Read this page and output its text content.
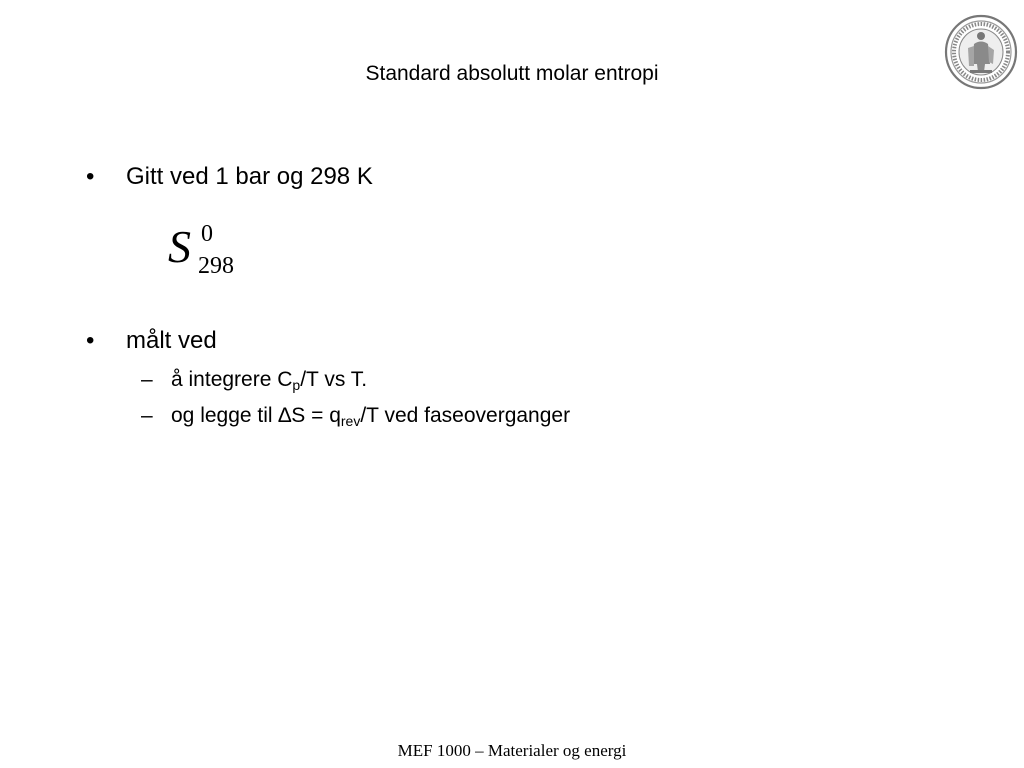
Standard absolutt molar entropi
• Gitt ved 1 bar og 298 K
S 0
298
• målt ved
– å integrere $C_p/T$ vs T.
– og legge til $\Delta S = q_{rev}/T$ ved faseoverganger
MEF 1000 – Materialer og energi
